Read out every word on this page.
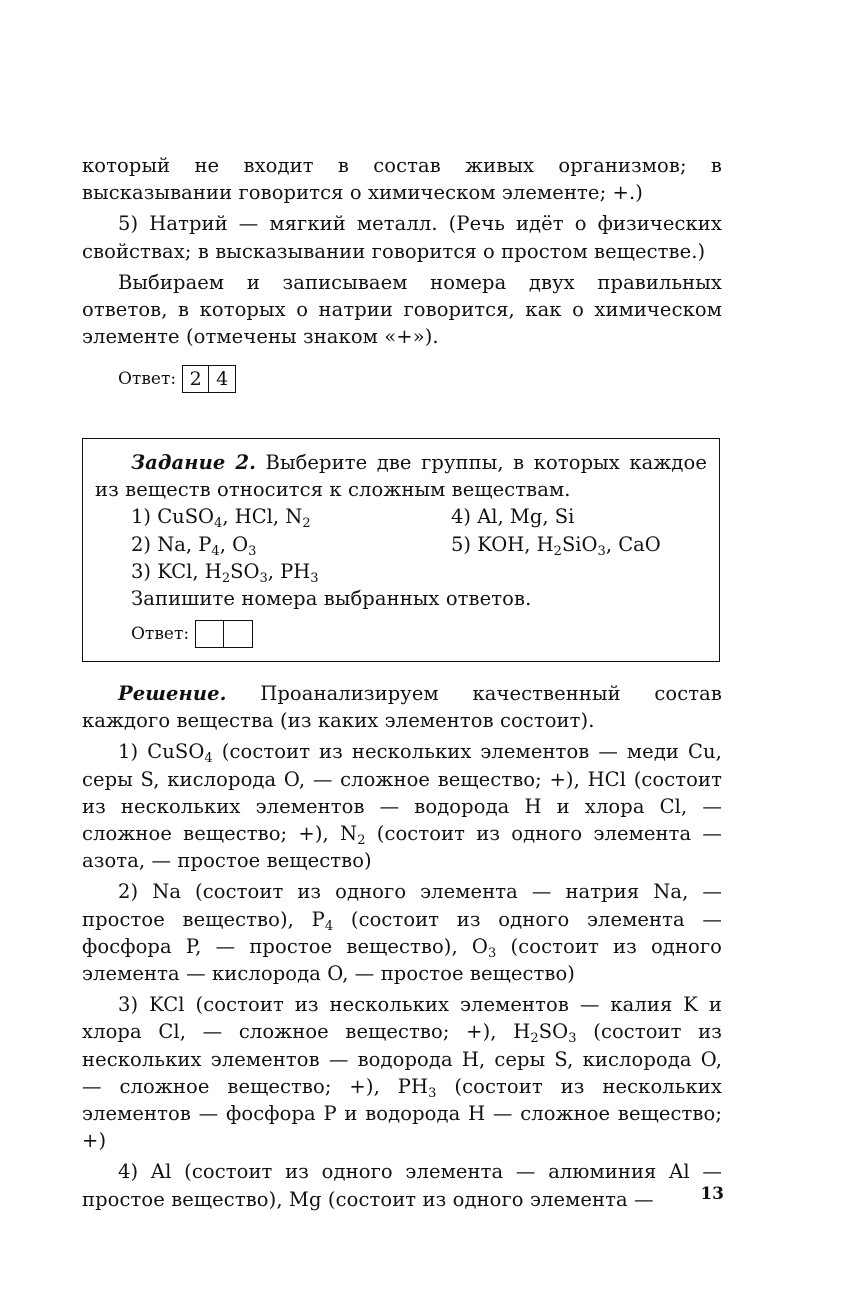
который не входит в состав живых организмов; в высказывании говорится о химическом элементе; +.)

5) Натрий — мягкий металл. (Речь идёт о физических свойствах; в высказывании говорится о простом веществе.)

Выбираем и записываем номера двух правильных ответов, в которых о натрии говорится, как о химическом элементе (отмечены знаком «+»).

Ответ: 2 4

Задание 2. Выберите две группы, в которых каждое из веществ относится к сложным веществам.

1) CuSO$_4$, HCl, $N_2$	4) Al, Mg, Si
2) Na, $P_4$, $O_3$	5) KOH, $H_2SiO_3$, CaO
3) KCl, $H_2SO_3$, $PH_3$

Запишите номера выбранных ответов.

Ответ:

Решение. Проанализируем качественный состав каждого вещества (из каких элементов состоит).

1) CuSO$_4$ (состоит из нескольких элементов — меди Cu, серы S, кислорода O, — сложное вещество; +), HCl (состоит из нескольких элементов — водорода H и хлора Cl, — сложное вещество; +), $N_2$ (состоит из одного элемента — азота, — простое вещество)

2) Na (состоит из одного элемента — натрия Na, — простое вещество), $P_4$ (состоит из одного элемента — фосфора P, — простое вещество), $O_3$ (состоит из одного элемента — кислорода O, — простое вещество)

3) KCl (состоит из нескольких элементов — калия K и хлора Cl, — сложное вещество; +), $H_2SO_3$ (состоит из нескольких элементов — водорода H, серы S, кислорода O, — сложное вещество; +), $PH_3$ (состоит из нескольких элементов — фосфора P и водорода H — сложное вещество; +)

4) Al (состоит из одного элемента — алюминия Al — простое вещество), Mg (состоит из одного элемента —	13
